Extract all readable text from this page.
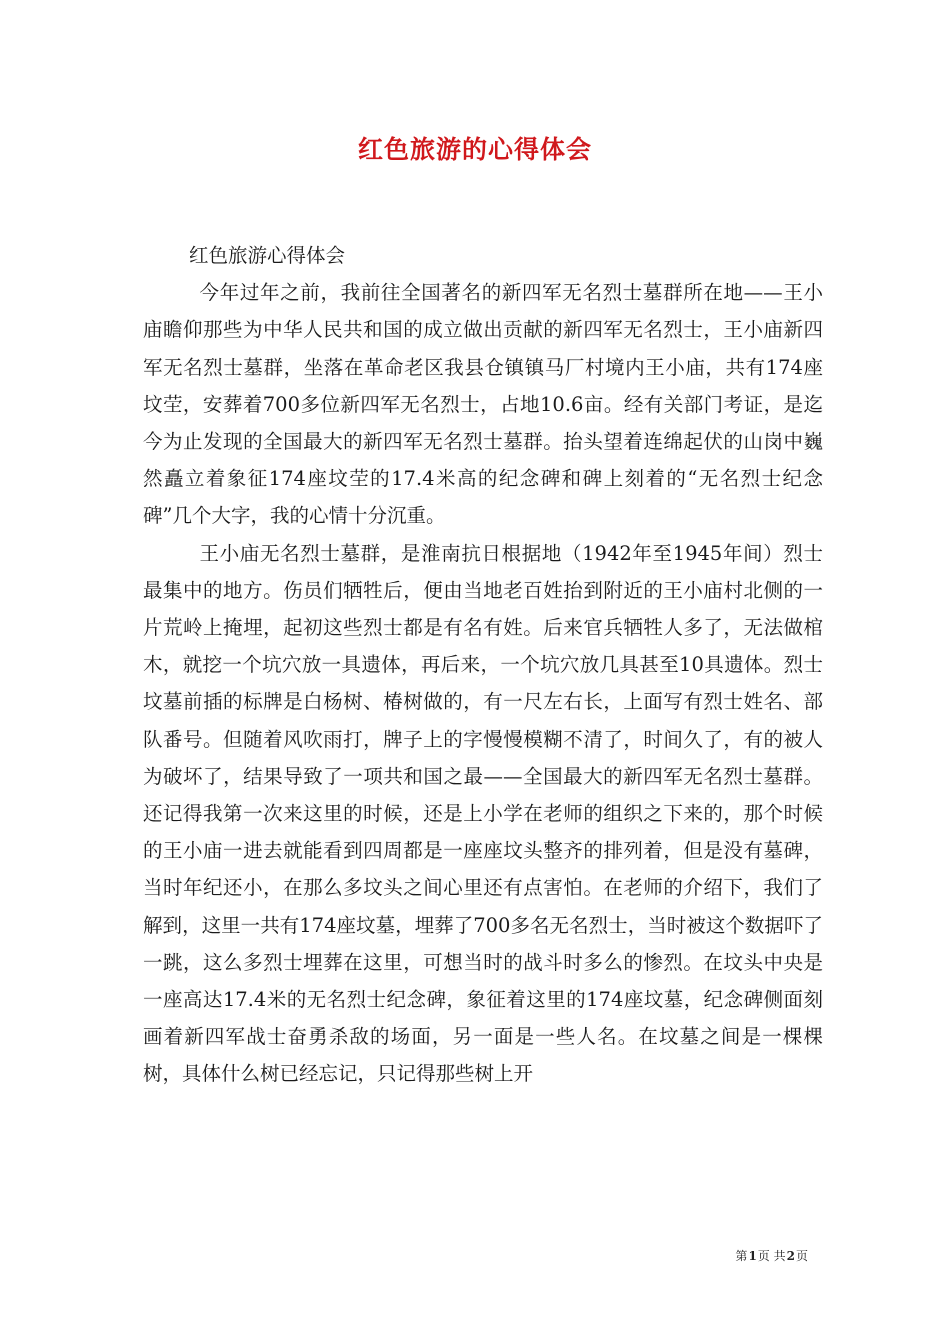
红色旅游的心得体会

红色旅游心得体会

今年过年之前，我前往全国著名的新四军无名烈士墓群所在地——王小庙瞻仰那些为中华人民共和国的成立做出贡献的新四军无名烈士，王小庙新四军无名烈士墓群，坐落在革命老区我县仓镇镇马厂村境内王小庙，共有174座坟茔，安葬着700多位新四军无名烈士，占地10.6亩。经有关部门考证，是迄今为止发现的全国最大的新四军无名烈士墓群。抬头望着连绵起伏的山岗中巍然矗立着象征174座坟茔的17.4米高的纪念碑和碑上刻着的“无名烈士纪念碑”几个大字，我的心情十分沉重。

王小庙无名烈士墓群，是淮南抗日根据地（1942年至1945年间）烈士最集中的地方。伤员们牺牲后，便由当地老百姓抬到附近的王小庙村北侧的一片荒岭上掩埋，起初这些烈士都是有名有姓。后来官兵牺牲人多了，无法做棺木，就挖一个坑穴放一具遗体，再后来，一个坑穴放几具甚至10具遗体。烈士坟墓前插的标牌是白杨树、椿树做的，有一尺左右长，上面写有烈士姓名、部队番号。但随着风吹雨打，牌子上的字慢慢模糊不清了，时间久了，有的被人为破坏了，结果导致了一项共和国之最——全国最大的新四军无名烈士墓群。还记得我第一次来这里的时候，还是上小学在老师的组织之下来的，那个时候的王小庙一进去就能看到四周都是一座座坟头整齐的排列着，但是没有墓碑，当时年纪还小，在那么多坟头之间心里还有点害怕。在老师的介绍下，我们了解到，这里一共有174座坟墓，埋葬了700多名无名烈士，当时被这个数据吓了一跳，这么多烈士埋葬在这里，可想当时的战斗时多么的惨烈。在坟头中央是一座高达17.4米的无名烈士纪念碑，象征着这里的174座坟墓，纪念碑侧面刻画着新四军战士奋勇杀敌的场面，另一面是一些人名。在坟墓之间是一棵棵树，具体什么树已经忘记，只记得那些树上开

第1页 共2页
